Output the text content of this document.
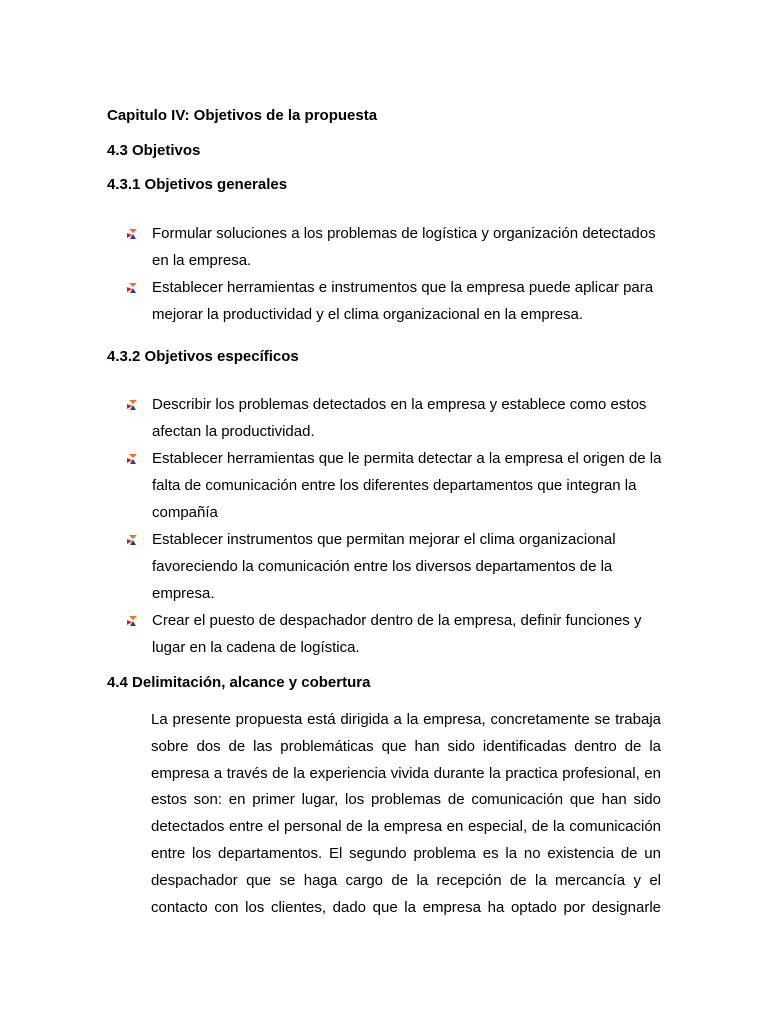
Capitulo IV: Objetivos de la propuesta
4.3 Objetivos
4.3.1 Objetivos generales
Formular soluciones a los problemas de logística y organización detectados en la empresa.
Establecer herramientas e instrumentos que la empresa puede aplicar para mejorar la productividad y el clima organizacional en la empresa.
4.3.2 Objetivos específicos
Describir los problemas detectados en la empresa y establece como estos afectan la productividad.
Establecer herramientas que le permita detectar a la empresa el origen de la falta de comunicación entre los diferentes departamentos que integran la compañía
Establecer instrumentos que permitan mejorar el clima organizacional favoreciendo la comunicación entre los diversos departamentos de la empresa.
Crear el puesto de despachador dentro de la empresa, definir funciones y lugar en la cadena de logística.
4.4 Delimitación, alcance y cobertura
La presente propuesta está dirigida a la empresa, concretamente se trabaja
sobre dos de las problemáticas que han sido identificadas dentro de la
empresa a través de la experiencia vivida durante la practica profesional, en
estos son: en primer lugar, los problemas de comunicación que han sido
detectados entre el personal de la empresa en especial, de la comunicación
entre los departamentos. El segundo problema es la no existencia de un
despachador que se haga cargo de la recepción de la mercancía y el
contacto con los clientes, dado que la empresa ha optado por designarle
